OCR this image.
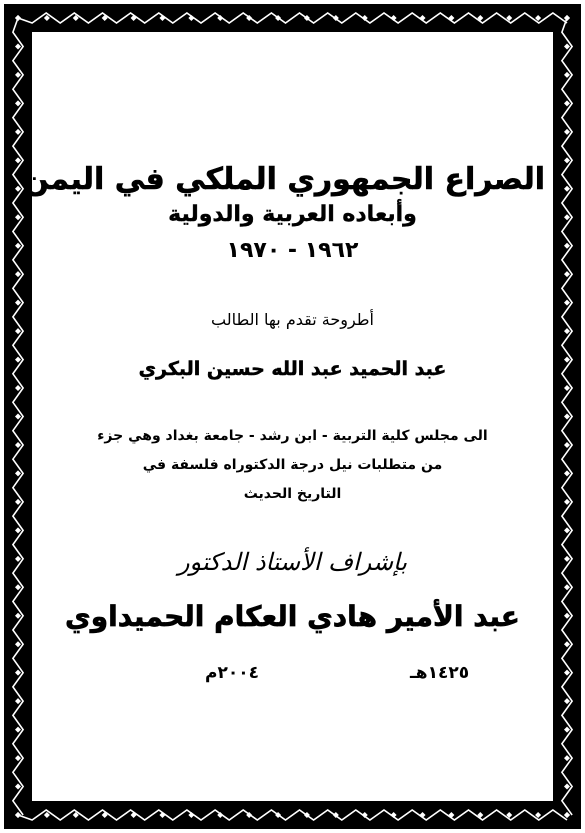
الصراع الجمهوري الملكي في اليمن
وأبعاده العربية والدولية
١٩٦٢ - ١٩٧٠
أطروحة تقدم بها الطالب
عبد الحميد عبد الله حسين البكري
الى مجلس كلية التربية - ابن رشد - جامعة بغداد وهي جزء
من متطلبات نيل درجة الدكتوراه فلسفة في
التاريخ الحديث
بإشراف الأستاذ الدكتور
عبد الأمير هادي العكام الحميداوي
١٤٢٥هـ
٢٠٠٤م
